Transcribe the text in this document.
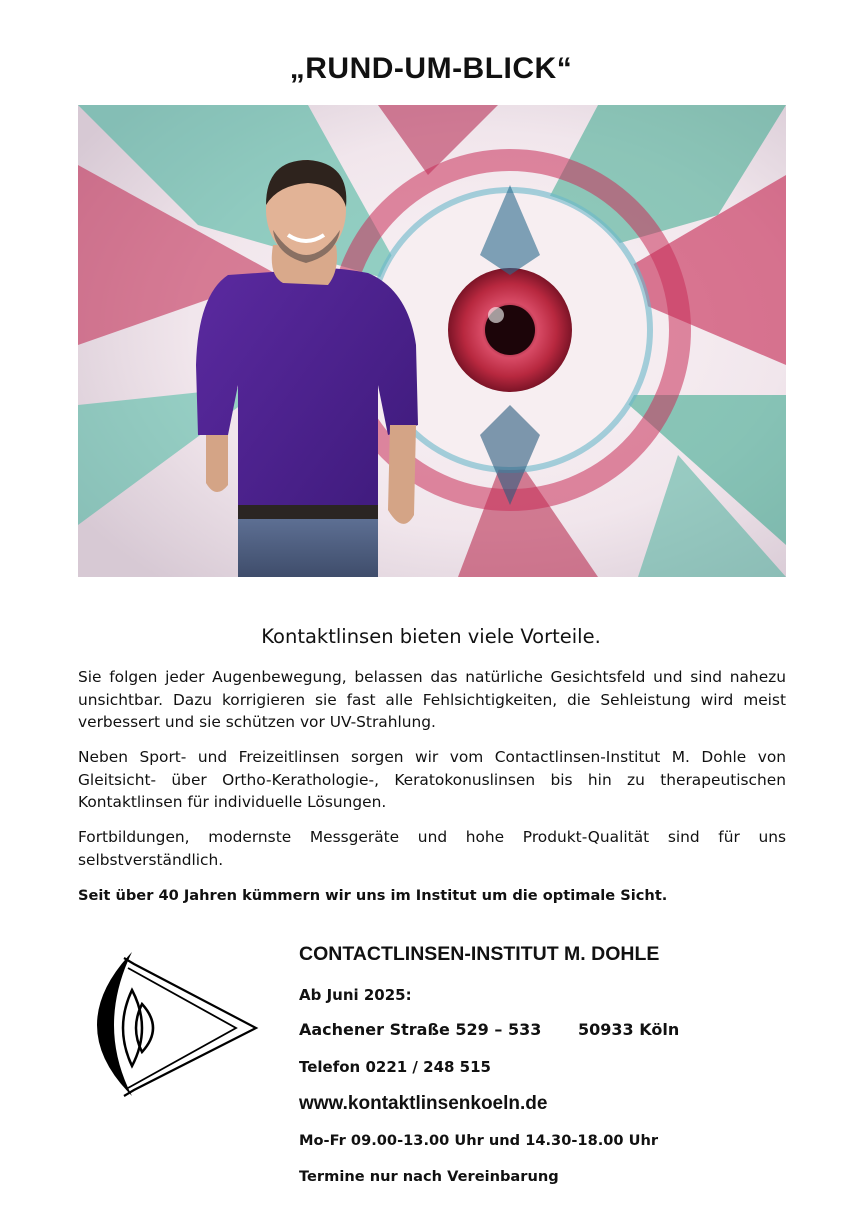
„RUND-UM-BLICK“
Kontaktlinsen bieten viele Vorteile.

Sie folgen jeder Augenbewegung, belassen das natürliche Gesichtsfeld und sind nahezu unsichtbar. Dazu korrigieren sie fast alle Fehlsichtigkeiten, die Sehleistung wird meist verbessert und sie schützen vor UV-Strahlung.

Neben Sport- und Freizeitlinsen sorgen wir vom Contactlinsen-Institut M. Dohle von Gleitsicht- über Ortho-Kerathologie-, Keratokonuslinsen bis hin zu therapeutischen Kontaktlinsen für individuelle Lösungen.

Fortbildungen, modernste Messgeräte und hohe Produkt-Qualität sind für uns selbstverständlich.

Seit über 40 Jahren kümmern wir uns im Institut um die optimale Sicht.

CONTACTLINSEN-INSTITUT M. DOHLE
Ab Juni 2025:
Aachener Straße 529 – 533 50933 Köln
Telefon 0221 / 248 515
www.kontaktlinsenkoeln.de
Mo-Fr 09.00-13.00 Uhr und 14.30-18.00 Uhr
Termine nur nach Vereinbarung
